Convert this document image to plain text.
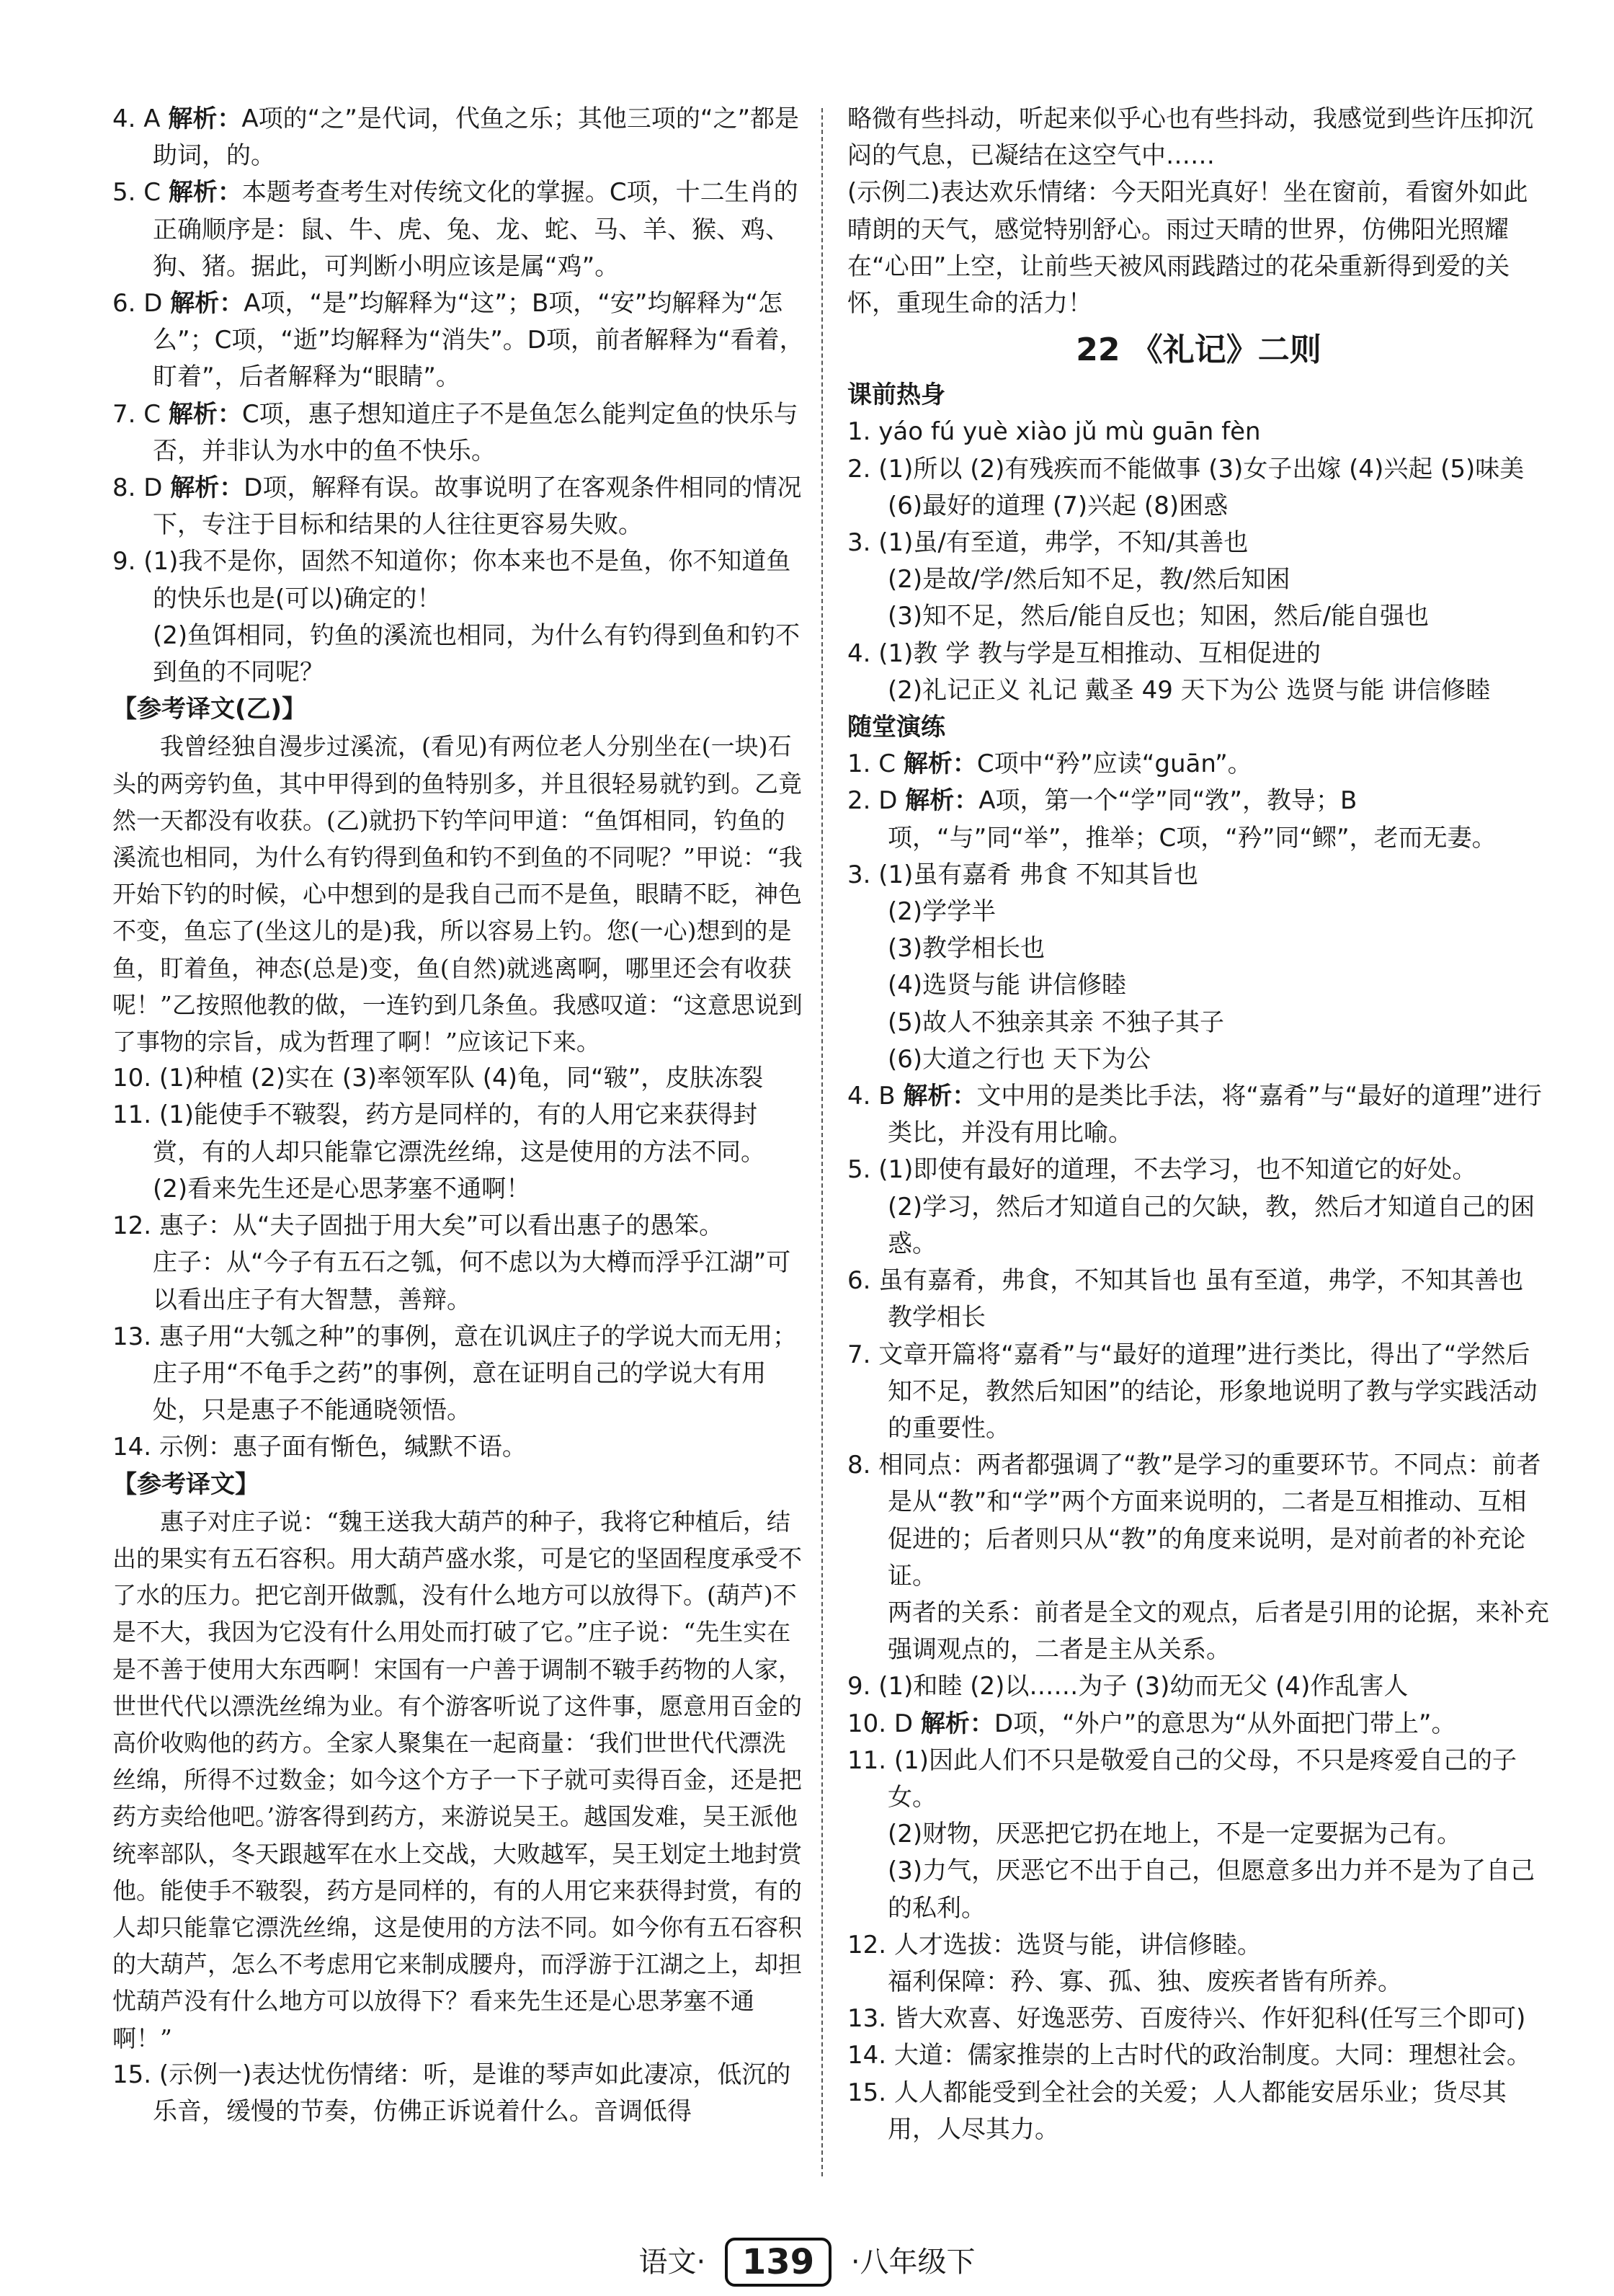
4. A 解析：A项的“之”是代词，代鱼之乐；其他三项的“之”都是助词，的。

5. C 解析：本题考查考生对传统文化的掌握。C项，十二生肖的正确顺序是：鼠、牛、虎、兔、龙、蛇、马、羊、猴、鸡、狗、猪。据此，可判断小明应该是属“鸡”。

6. D 解析：A项，“是”均解释为“这”；B项，“安”均解释为“怎么”；C项，“逝”均解释为“消失”。D项，前者解释为“看着，盯着”，后者解释为“眼睛”。

7. C 解析：C项，惠子想知道庄子不是鱼怎么能判定鱼的快乐与否，并非认为水中的鱼不快乐。

8. D 解析：D项，解释有误。故事说明了在客观条件相同的情况下，专注于目标和结果的人往往更容易失败。

9. (1)我不是你，固然不知道你；你本来也不是鱼，你不知道鱼的快乐也是(可以)确定的！

(2)鱼饵相同，钓鱼的溪流也相同，为什么有钓得到鱼和钓不到鱼的不同呢？

【参考译文(乙)】

我曾经独自漫步过溪流，(看见)有两位老人分别坐在(一块)石头的两旁钓鱼，其中甲得到的鱼特别多，并且很轻易就钓到。乙竟然一天都没有收获。(乙)就扔下钓竿问甲道：“鱼饵相同，钓鱼的溪流也相同，为什么有钓得到鱼和钓不到鱼的不同呢？”甲说：“我开始下钓的时候，心中想到的是我自己而不是鱼，眼睛不眨，神色不变，鱼忘了(坐这儿的是)我，所以容易上钓。您(一心)想到的是鱼，盯着鱼，神态(总是)变，鱼(自然)就逃离啊，哪里还会有收获呢！”乙按照他教的做，一连钓到几条鱼。我感叹道：“这意思说到了事物的宗旨，成为哲理了啊！”应该记下来。

10. (1)种植 (2)实在 (3)率领军队 (4)龟，同“皲”，皮肤冻裂

11. (1)能使手不皲裂，药方是同样的，有的人用它来获得封赏，有的人却只能靠它漂洗丝绵，这是使用的方法不同。

(2)看来先生还是心思茅塞不通啊！

12. 惠子：从“夫子固拙于用大矣”可以看出惠子的愚笨。

庄子：从“今子有五石之瓠，何不虑以为大樽而浮乎江湖”可以看出庄子有大智慧，善辩。

13. 惠子用“大瓠之种”的事例，意在讥讽庄子的学说大而无用；庄子用“不龟手之药”的事例，意在证明自己的学说大有用处，只是惠子不能通晓领悟。

14. 示例：惠子面有惭色，缄默不语。

【参考译文】

惠子对庄子说：“魏王送我大葫芦的种子，我将它种植后，结出的果实有五石容积。用大葫芦盛水浆，可是它的坚固程度承受不了水的压力。把它剖开做瓢，没有什么地方可以放得下。(葫芦)不是不大，我因为它没有什么用处而打破了它。”庄子说：“先生实在是不善于使用大东西啊！宋国有一户善于调制不皲手药物的人家，世世代代以漂洗丝绵为业。有个游客听说了这件事，愿意用百金的高价收购他的药方。全家人聚集在一起商量：‘我们世世代代漂洗丝绵，所得不过数金；如今这个方子一下子就可卖得百金，还是把药方卖给他吧。’游客得到药方，来游说吴王。越国发难，吴王派他统率部队，冬天跟越军在水上交战，大败越军，吴王划定土地封赏他。能使手不皲裂，药方是同样的，有的人用它来获得封赏，有的人却只能靠它漂洗丝绵，这是使用的方法不同。如今你有五石容积的大葫芦，怎么不考虑用它来制成腰舟，而浮游于江湖之上，却担忧葫芦没有什么地方可以放得下？看来先生还是心思茅塞不通啊！”

15. (示例一)表达忧伤情绪：听，是谁的琴声如此凄凉，低沉的乐音，缓慢的节奏，仿佛正诉说着什么。音调低得

略微有些抖动，听起来似乎心也有些抖动，我感觉到些许压抑沉闷的气息，已凝结在这空气中……

(示例二)表达欢乐情绪：今天阳光真好！坐在窗前，看窗外如此晴朗的天气，感觉特别舒心。雨过天晴的世界，仿佛阳光照耀在“心田”上空，让前些天被风雨践踏过的花朵重新得到爱的关怀，重现生命的活力！

22 《礼记》二则

课前热身

1. yáo fú yuè xiào jǔ mù guān fèn

2. (1)所以 (2)有残疾而不能做事 (3)女子出嫁 (4)兴起 (5)味美 (6)最好的道理 (7)兴起 (8)困惑

3. (1)虽/有至道，弗学，不知/其善也

(2)是故/学/然后知不足，教/然后知困

(3)知不足，然后/能自反也；知困，然后/能自强也

4. (1)教 学 教与学是互相推动、互相促进的

(2)礼记正义 礼记 戴圣 49 天下为公 选贤与能 讲信修睦

随堂演练

1. C 解析：C项中“矜”应读“guān”。

2. D 解析：A项，第一个“学”同“敩”，教导；B项，“与”同“举”，推举；C项，“矜”同“鳏”，老而无妻。

3. (1)虽有嘉肴 弗食 不知其旨也

(2)学学半

(3)教学相长也

(4)选贤与能 讲信修睦

(5)故人不独亲其亲 不独子其子

(6)大道之行也 天下为公

4. B 解析：文中用的是类比手法，将“嘉肴”与“最好的道理”进行类比，并没有用比喻。

5. (1)即使有最好的道理，不去学习，也不知道它的好处。

(2)学习，然后才知道自己的欠缺，教，然后才知道自己的困惑。

6. 虽有嘉肴，弗食，不知其旨也 虽有至道，弗学，不知其善也 教学相长

7. 文章开篇将“嘉肴”与“最好的道理”进行类比，得出了“学然后知不足，教然后知困”的结论，形象地说明了教与学实践活动的重要性。

8. 相同点：两者都强调了“教”是学习的重要环节。不同点：前者是从“教”和“学”两个方面来说明的，二者是互相推动、互相促进的；后者则只从“教”的角度来说明，是对前者的补充论证。

两者的关系：前者是全文的观点，后者是引用的论据，来补充强调观点的，二者是主从关系。

9. (1)和睦 (2)以……为子 (3)幼而无父 (4)作乱害人

10. D 解析：D项，“外户”的意思为“从外面把门带上”。

11. (1)因此人们不只是敬爱自己的父母，不只是疼爱自己的子女。

(2)财物，厌恶把它扔在地上，不是一定要据为己有。

(3)力气，厌恶它不出于自己，但愿意多出力并不是为了自己的私利。

12. 人才选拔：选贤与能，讲信修睦。

福利保障：矜、寡、孤、独、废疾者皆有所养。

13. 皆大欢喜、好逸恶劳、百废待兴、作奸犯科(任写三个即可)

14. 大道：儒家推崇的上古时代的政治制度。大同：理想社会。

15. 人人都能受到全社会的关爱；人人都能安居乐业；货尽其用，人尽其力。

语文· 139 ·八年级下
